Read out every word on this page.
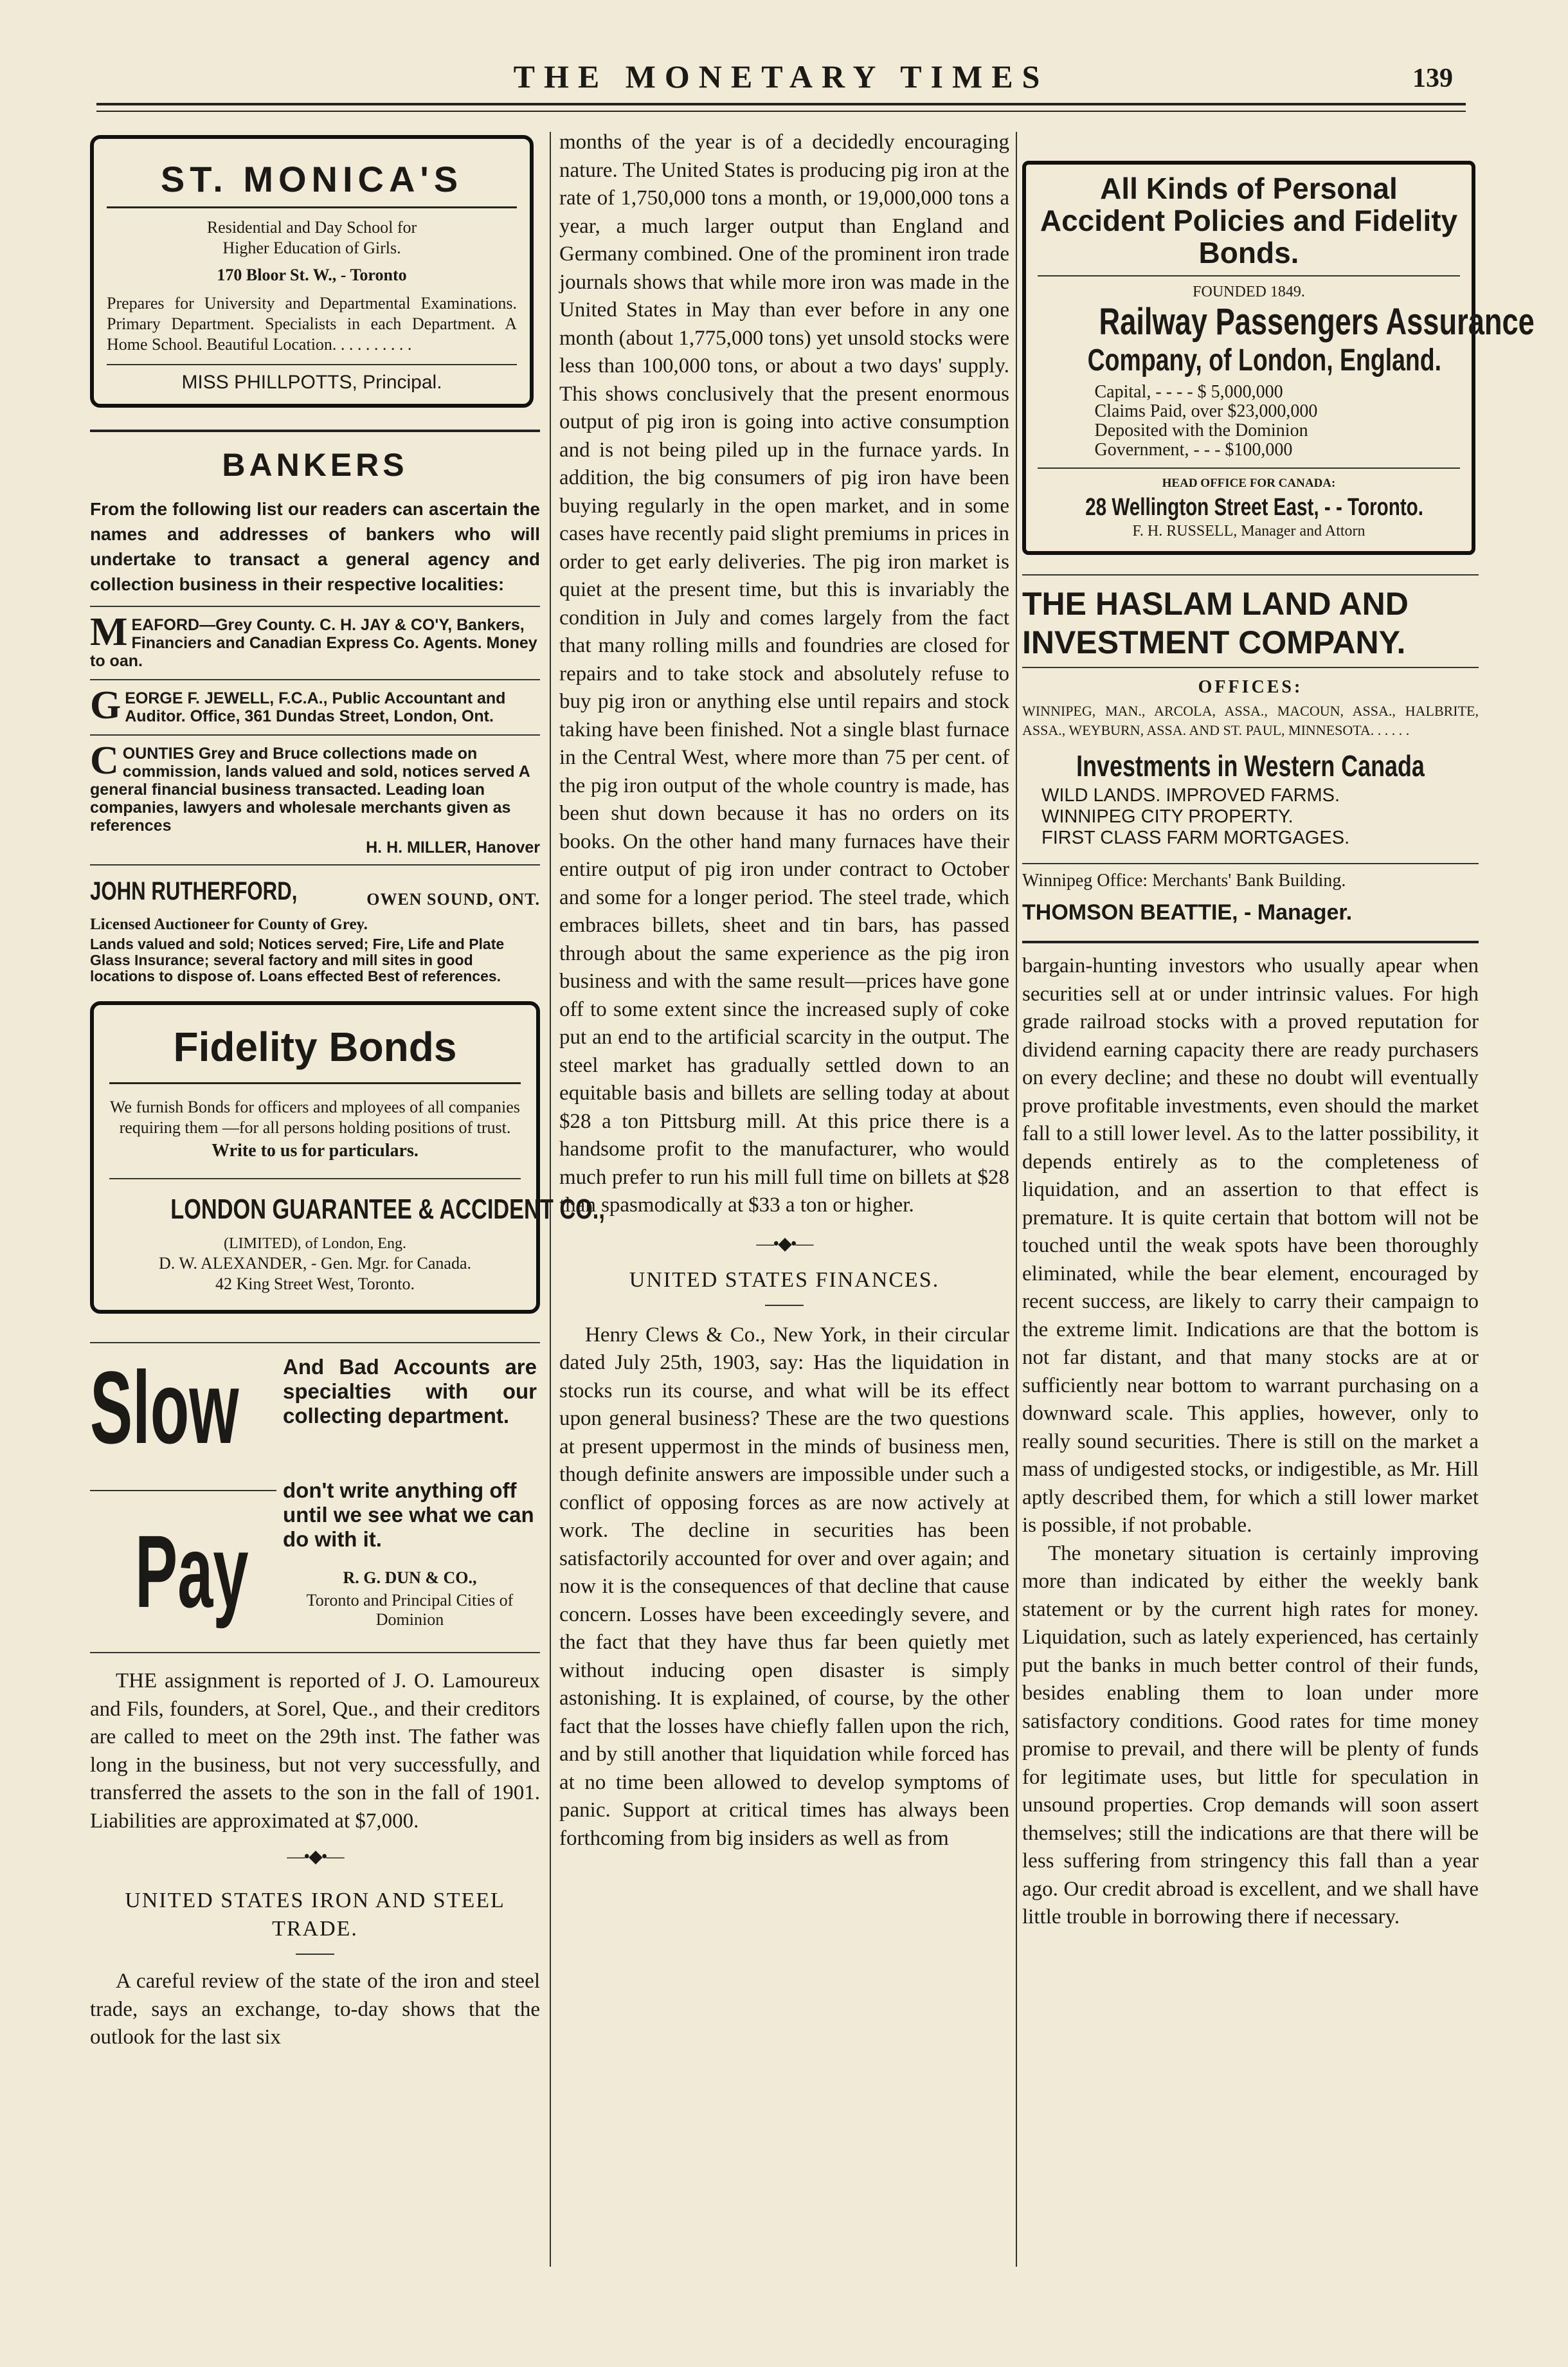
THE MONETARY TIMES	139
ST. MONICA'S
Residential and Day School for
Higher Education of Girls.
170 Bloor St. W., - Toronto
Prepares for University and Departmental Examinations. Primary Department. Specialists in each Department. A Home School. Beautiful Location. . . . . . . . . .
MISS PHILLPOTTS, Principal.
BANKERS
From the following list our readers can ascertain the names and addresses of bankers who will undertake to transact a general agency and collection business in their respective localities:
MEAFORD—Grey County. C. H. JAY & CO'Y, Bankers, Financiers and Canadian Express Co. Agents. Money to oan.
GEORGE F. JEWELL, F.C.A., Public Accountant and Auditor. Office, 361 Dundas Street, London, Ont.
COUNTIES Grey and Bruce collections made on commission, lands valued and sold, notices served A general financial business transacted. Leading loan companies, lawyers and wholesale merchants given as references
H. H. MILLER, Hanover
JOHN RUTHERFORD,	OWEN SOUND, ONT.
Licensed Auctioneer for County of Grey.
Lands valued and sold; Notices served; Fire, Life and Plate Glass Insurance; several factory and mill sites in good locations to dispose of. Loans effected Best of references.
Fidelity Bonds
We furnish Bonds for officers and mployees of all companies requiring them —for all persons holding positions of trust.
Write to us for particulars.
LONDON GUARANTEE & ACCIDENT CO.,
(LIMITED), of London, Eng.
D. W. ALEXANDER, - Gen. Mgr. for Canada.
42 King Street West, Toronto.
Slow And Bad Accounts are specialties with our collecting department.
don't write anything off until we see what we can do with it.
Pay	R. G. DUN & CO.,
Toronto and Principal Cities of Dominion

THE assignment is reported of J. O. Lamoureux and Fils, founders, at Sorel, Que., and their creditors are called to meet on the 29th inst. The father was long in the business, but not very successfully, and transferred the assets to the son in the fall of 1901. Liabilities are approximated at $7,000.

—•◆•—
UNITED STATES IRON AND STEEL TRADE.

A careful review of the state of the iron and steel trade, says an exchange, to-day shows that the outlook for the last six

months of the year is of a decidedly encouraging nature. The United States is producing pig iron at the rate of 1,750,000 tons a month, or 19,000,000 tons a year, a much larger output than England and Germany combined. One of the prominent iron trade journals shows that while more iron was made in the United States in May than ever before in any one month (about 1,775,000 tons) yet unsold stocks were less than 100,000 tons, or about a two days' supply. This shows conclusively that the present enormous output of pig iron is going into active consumption and is not being piled up in the furnace yards. In addition, the big consumers of pig iron have been buying regularly in the open market, and in some cases have recently paid slight premiums in prices in order to get early deliveries. The pig iron market is quiet at the present time, but this is invariably the condition in July and comes largely from the fact that many rolling mills and foundries are closed for repairs and to take stock and absolutely refuse to buy pig iron or anything else until repairs and stock taking have been finished. Not a single blast furnace in the Central West, where more than 75 per cent. of the pig iron output of the whole country is made, has been shut down because it has no orders on its books. On the other hand many furnaces have their entire output of pig iron under contract to October and some for a longer period. The steel trade, which embraces billets, sheet and tin bars, has passed through about the same experience as the pig iron business and with the same result—prices have gone off to some extent since the increased suply of coke put an end to the artificial scarcity in the output. The steel market has gradually settled down to an equitable basis and billets are selling today at about $28 a ton Pittsburg mill. At this price there is a handsome profit to the manufacturer, who would much prefer to run his mill full time on billets at $28 than spasmodically at $33 a ton or higher.

—•◆•—
UNITED STATES FINANCES.

Henry Clews & Co., New York, in their circular dated July 25th, 1903, say: Has the liquidation in stocks run its course, and what will be its effect upon general business? These are the two questions at present uppermost in the minds of business men, though definite answers are impossible under such a conflict of opposing forces as are now actively at work. The decline in securities has been satisfactorily accounted for over and over again; and now it is the consequences of that decline that cause concern. Losses have been exceedingly severe, and the fact that they have thus far been quietly met without inducing open disaster is simply astonishing. It is explained, of course, by the other fact that the losses have chiefly fallen upon the rich, and by still another that liquidation while forced has at no time been allowed to develop symptoms of panic. Support at critical times has always been forthcoming from big insiders as well as from

All Kinds of Personal Accident Policies and Fidelity Bonds.
FOUNDED 1849.
Railway Passengers Assurance Company, of London, England.
Capital, - - - - $ 5,000,000
Claims Paid, over $23,000,000
Deposited with the Dominion
Government, - - - $100,000
HEAD OFFICE FOR CANADA:
28 Wellington Street East, - - Toronto.
F. H. RUSSELL, Manager and Attorn
THE HASLAM LAND AND INVESTMENT COMPANY.
OFFICES:
WINNIPEG, MAN., ARCOLA, ASSA., MACOUN, ASSA., HALBRITE, ASSA., WEYBURN, ASSA. AND ST. PAUL, MINNESOTA. . . . . .
Investments in Western Canada
WILD LANDS. IMPROVED FARMS.
WINNIPEG CITY PROPERTY.
FIRST CLASS FARM MORTGAGES.
Winnipeg Office: Merchants' Bank Building.
THOMSON BEATTIE, - Manager.

bargain-hunting investors who usually apear when securities sell at or under intrinsic values. For high grade railroad stocks with a proved reputation for dividend earning capacity there are ready purchasers on every decline; and these no doubt will eventually prove profitable investments, even should the market fall to a still lower level. As to the latter possibility, it depends entirely as to the completeness of liquidation, and an assertion to that effect is premature. It is quite certain that bottom will not be touched until the weak spots have been thoroughly eliminated, while the bear element, encouraged by recent success, are likely to carry their campaign to the extreme limit. Indications are that the bottom is not far distant, and that many stocks are at or sufficiently near bottom to warrant purchasing on a downward scale. This applies, however, only to really sound securities. There is still on the market a mass of undigested stocks, or indigestible, as Mr. Hill aptly described them, for which a still lower market is possible, if not probable.

The monetary situation is certainly improving more than indicated by either the weekly bank statement or by the current high rates for money. Liquidation, such as lately experienced, has certainly put the banks in much better control of their funds, besides enabling them to loan under more satisfactory conditions. Good rates for time money promise to prevail, and there will be plenty of funds for legitimate uses, but little for speculation in unsound properties. Crop demands will soon assert themselves; still the indications are that there will be less suffering from stringency this fall than a year ago. Our credit abroad is excellent, and we shall have little trouble in borrowing there if necessary.
